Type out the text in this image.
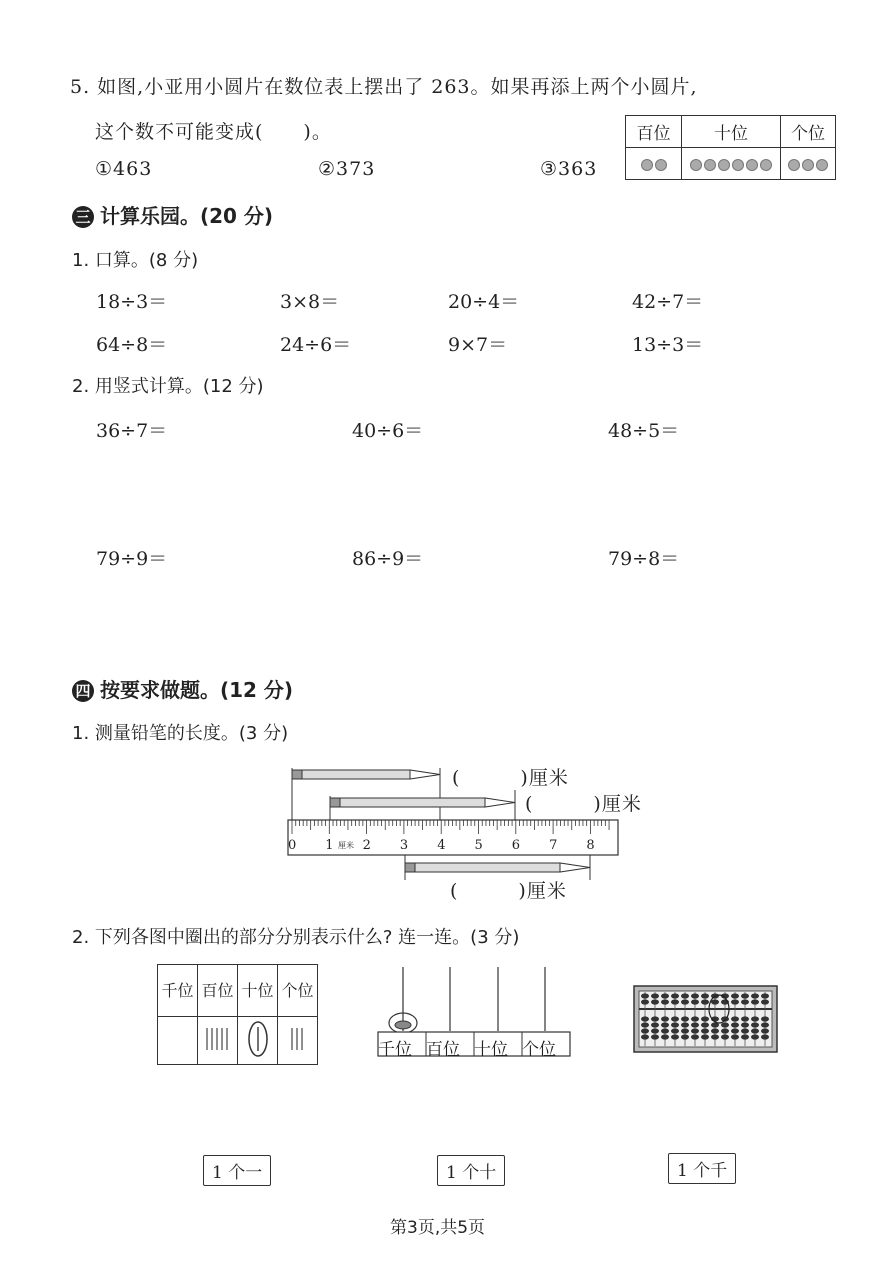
5. 如图,小亚用小圆片在数位表上摆出了 263。如果再添上两个小圆片,
这个数不可能变成(　　)。
①463	②373	③363
百位	十位	个位

三 计算乐园。(20 分)
1. 口算。(8 分)
18÷3＝	3×8＝	20÷4＝	42÷7＝
64÷8＝	24÷6＝	9×7＝	13÷3＝
2. 用竖式计算。(12 分)
36÷7＝	40÷6＝	48÷5＝
79÷9＝	86÷9＝	79÷8＝
四 按要求做题。(12 分)
1. 测量铅笔的长度。(3 分)
0 1 2 3 4 5 6 7 8
厘米
(　　　)厘米
(　　　)厘米
(　　　)厘米
2. 下列各图中圈出的部分分别表示什么? 连一连。(3 分)
千位	百位	十位	个位

千位 百位 十位 个位
1 个一	1 个十	1 个千
第3页,共5页
